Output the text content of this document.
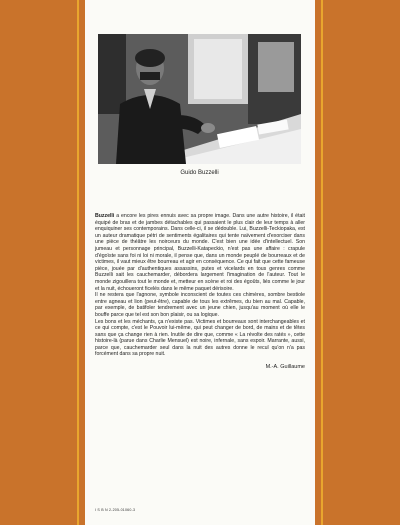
Guido Buzzelli

Buzzelli a encore les pires ennuis avec sa propre image. Dans une autre histoire, il était équipé de bras et de jambes détachables qui passaient le plus clair de leur temps à aller enquiquiner ses contemporains. Dans celle-ci, il se dédouble. Lui, Buzzelli-Teckiopaka, est un auteur dramatique pétri de sentiments égalitaires qui tente naïvement d'exorciser dans une pièce de théâtre les noirceurs du monde. C'est bien une idée d'intellectuel. Son jumeau et personnage principal, Buzzelli-Katapeckio, n'est pas une affaire : crapule d'égoïste sans foi ni loi ni morale, il pense que, dans un monde peuplé de bourreaux et de victimes, il vaut mieux être bourreau et agir en conséquence. Ce qui fait que cette fameuse pièce, jouée par d'authentiques assassins, putes et vicelards en tous genres comme Buzzelli sait les cauchemarder, débordera largement l'imagination de l'auteur. Tout le monde zigouillera tout le monde et, metteur en scène et roi des égoûts, liés comme le jour et la nuit, échoueront ficelés dans le même paquet dérisoire.

Il ne restera que l'agnone, symbole inconscient de toutes ces chimères, sombre bestiole entre agneau et lion (peut-être), capable de tous les extrêmes, du bien au mal. Capable, par exemple, de batifoler tendrement avec un jeune chien, jusqu'au moment où elle le bouffe parce que tel est son bon plaisir, ou sa logique.

Les bons et les méchants, ça n'existe pas. Victimes et bourreaux sont interchangeables et ce qui compte, c'est le Pouvoir lui-même, qui peut changer de bord, de mains et de têtes sans que ça change rien à rien. Inutile de dire que, comme « La révolte des ratés », cette histoire-là (parue dans Charlie Mensuel) est noire, infernale, sans espoir. Marrante, aussi, parce que, cauchemarder seul dans la nuit des autres donne le recul qu'on n'a pas forcément dans sa propre nuit.

M.-A. Guillaume
I S B N 2-205-01060-3
